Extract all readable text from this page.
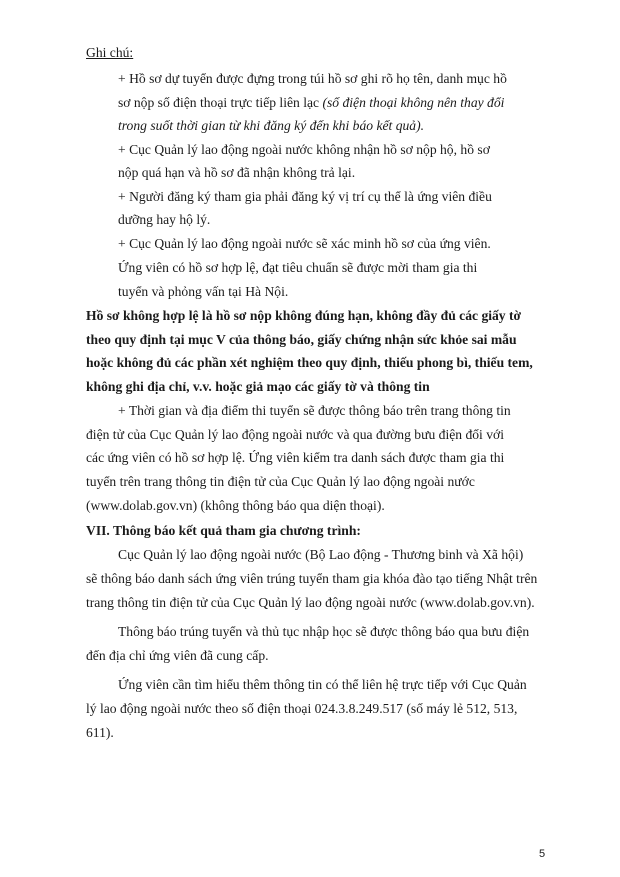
Ghi chú:
+ Hồ sơ dự tuyển được đựng trong túi hồ sơ ghi rõ họ tên, danh mục hồ
sơ nộp số điện thoại trực tiếp liên lạc (số điện thoại không nên thay đổi
trong suốt thời gian từ khi đăng ký đến khi báo kết quả).
+ Cục Quản lý lao động ngoài nước không nhận hồ sơ nộp hộ, hồ sơ
nộp quá hạn và hồ sơ đã nhận không trả lại.
+ Người đăng ký tham gia phải đăng ký vị trí cụ thể là ứng viên điều
dưỡng hay hộ lý.
+ Cục Quản lý lao động ngoài nước sẽ xác minh hồ sơ của ứng viên.
Ứng viên có hồ sơ hợp lệ, đạt tiêu chuẩn sẽ được mời tham gia thi
tuyển và phỏng vấn tại Hà Nội.
Hồ sơ không hợp lệ là hồ sơ nộp không đúng hạn, không đầy đủ các giấy tờ
theo quy định tại mục V của thông báo, giấy chứng nhận sức khỏe sai mẫu
hoặc không đủ các phần xét nghiệm theo quy định, thiếu phong bì, thiếu tem,
không ghi địa chỉ, v.v. hoặc giả mạo các giấy tờ và thông tin
+ Thời gian và địa điểm thi tuyển sẽ được thông báo trên trang thông tin
điện tử của Cục Quản lý lao động ngoài nước và qua đường bưu điện đối với
các ứng viên có hồ sơ hợp lệ. Ứng viên kiểm tra danh sách được tham gia thi
tuyển trên trang thông tin điện tử của Cục Quản lý lao động ngoài nước
(www.dolab.gov.vn) (không thông báo qua diện thoại).
VII. Thông báo kết quả tham gia chương trình:
Cục Quản lý lao động ngoài nước (Bộ Lao động - Thương binh và Xã hội)
sẽ thông báo danh sách ứng viên trúng tuyển tham gia khóa đào tạo tiếng Nhật trên
trang thông tin điện tử của Cục Quản lý lao động ngoài nước (www.dolab.gov.vn).
Thông báo trúng tuyển và thủ tục nhập học sẽ được thông báo qua bưu điện
đến địa chỉ ứng viên đã cung cấp.
Ứng viên cần tìm hiểu thêm thông tin có thể liên hệ trực tiếp với Cục Quản
lý lao động ngoài nước theo số điện thoại 024.3.8.249.517 (số máy lẻ 512, 513,
611).
5
